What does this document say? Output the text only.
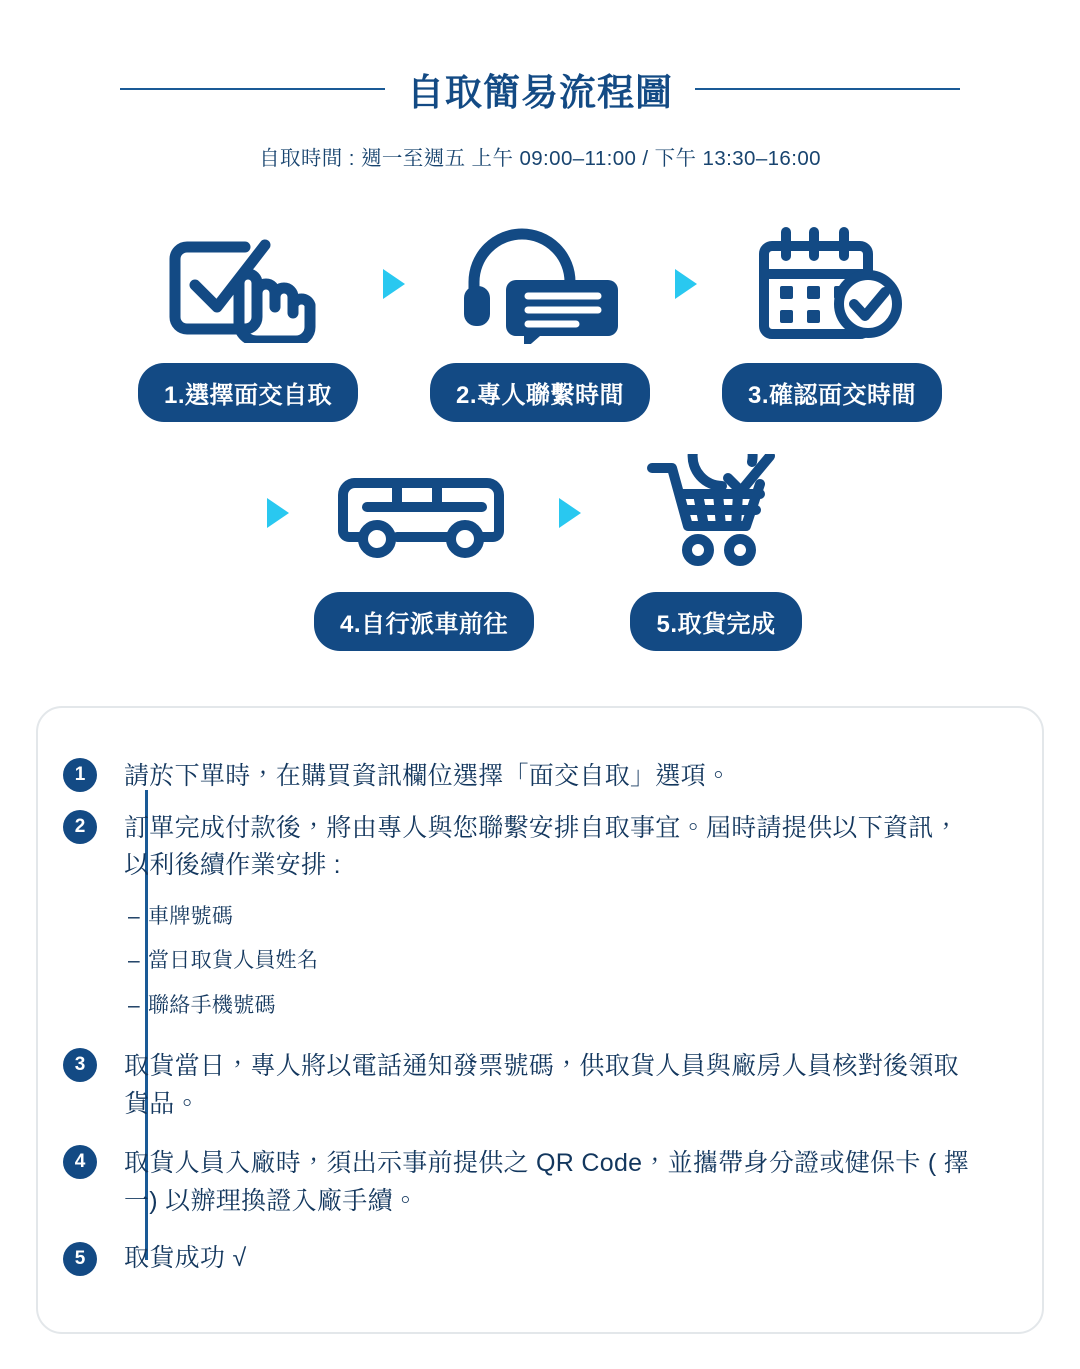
自取簡易流程圖
自取時間 : 週一至週五 上午 09:00–11:00 / 下午 13:30–16:00
1.選擇面交自取	2.專人聯繫時間	3.確認面交時間
4.自行派車前往	5.取貨完成
1	請於下單時，在購買資訊欄位選擇「面交自取」選項。
2	訂單完成付款後，將由專人與您聯繫安排自取事宜。屆時請提供以下資訊，以利後續作業安排 :
– 車牌號碼
– 當日取貨人員姓名
– 聯絡手機號碼
3	取貨當日，專人將以電話通知發票號碼，供取貨人員與廠房人員核對後領取貨品。
4	取貨人員入廠時，須出示事前提供之 QR Code，並攜帶身分證或健保卡 ( 擇一) 以辦理換證入廠手續。
5	取貨成功 √
